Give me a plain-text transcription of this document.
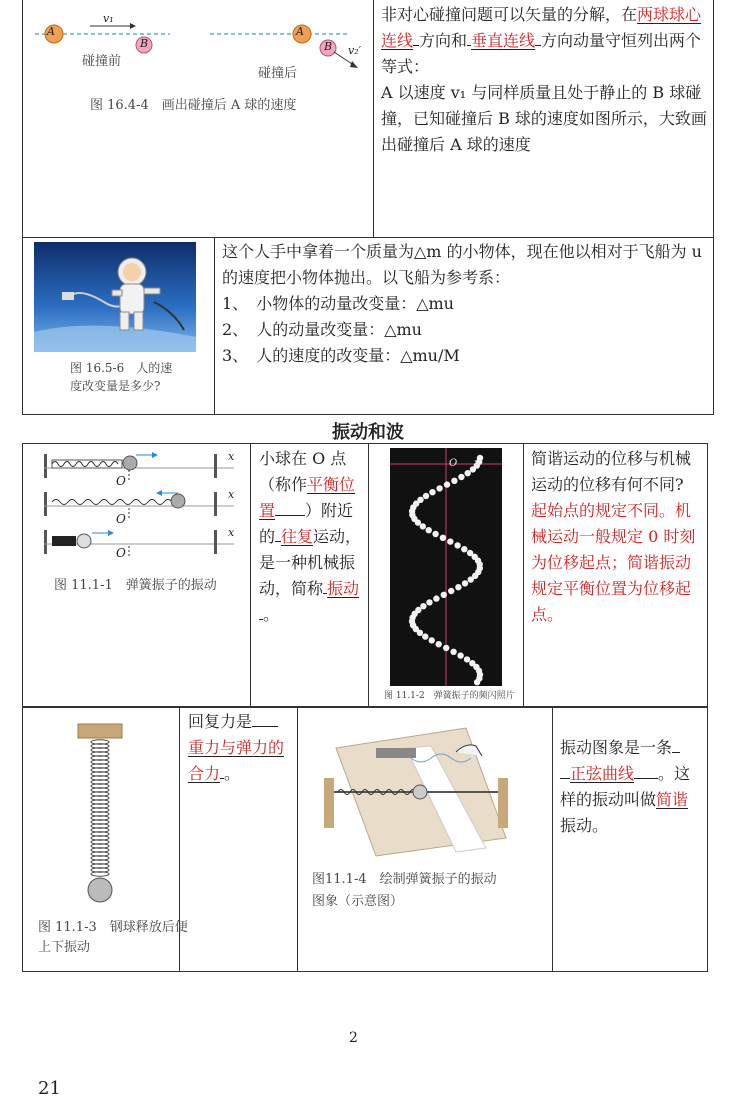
A
B
A
B
v₁
v₂′
碰撞前
碰撞后
图 16.4-4　画出碰撞后 A 球的速度
非对心碰撞问题可以矢量的分解，在两球球心连线 方向和 垂直连线 方向动量守恒列出两个等式：
A 以速度 v₁ 与同样质量且处于静止的 B 球碰撞，已知碰撞后 B 球的速度如图所示，大致画出碰撞后 A 球的速度
图 16.5-6　人的速
度改变量是多少?
这个人手中拿着一个质量为△m 的小物体，现在他以相对于飞船为 u 的速度把小物体抛出。以飞船为参考系：
1、　 小物体的动量改变量：△mu
2、　 人的动量改变量：△mu
3、　 人的速度的改变量：△mu/M
振动和波
x
x
x
O
O
O
图 11.1-1　弹簧振子的振动
小球在 O 点（称作平衡位置 ）附近的 往复运动，是一种机械振动，简称 振动。
O x
图 11.1-2　弹簧振子的频闪照片
简谐运动的位移与机械运动的位移有何不同?
起始点的规定不同。机械运动一般规定 0 时刻为位移起点；简谐振动规定平衡位置为位移起点。
图 11.1-3　钢球释放后便
上下振动
回复力是
重力与弹力的合力 。
图11.1-4　绘制弹簧振子的振动
图象（示意图）
振动图象是一条
正弦曲线 。这样的振动叫做简谐振动。
2
21
